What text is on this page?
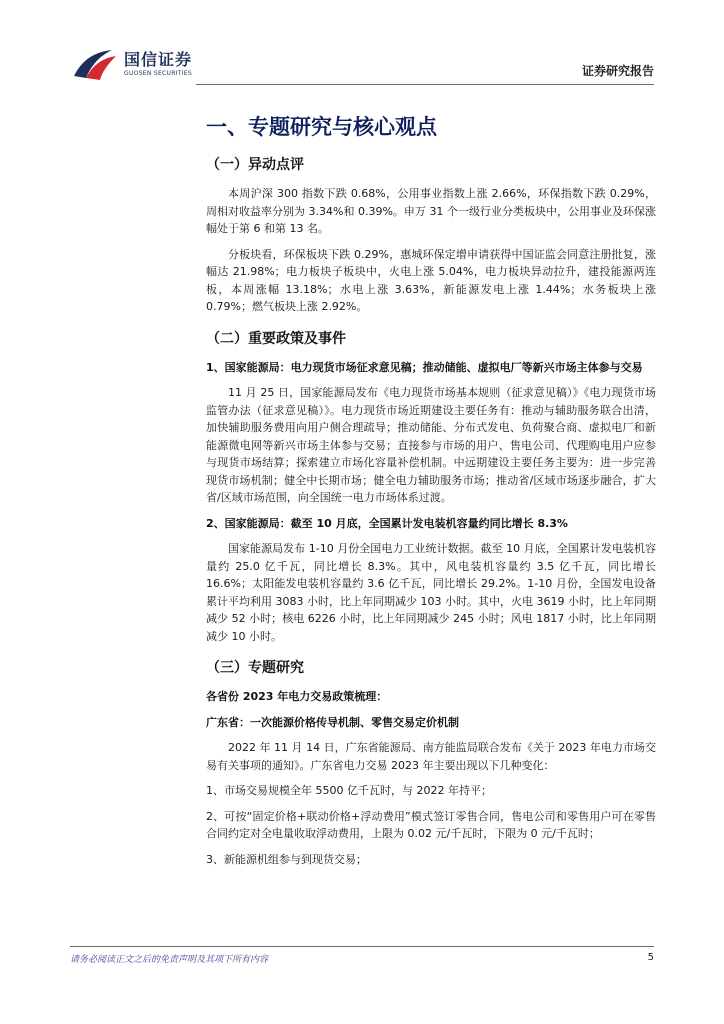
国信证券
GUOSEN SECURITIES	证券研究报告
一、专题研究与核心观点
（一）异动点评

本周沪深 300 指数下跌 0.68%，公用事业指数上涨 2.66%，环保指数下跌 0.29%，周相对收益率分别为 3.34%和 0.39%。申万 31 个一级行业分类板块中，公用事业及环保涨幅处于第 6 和第 13 名。

分板块看，环保板块下跌 0.29%，惠城环保定增申请获得中国证监会同意注册批复，涨幅达 21.98%；电力板块子板块中，火电上涨 5.04%，电力板块异动拉升，建投能源两连板，本周涨幅 13.18%；水电上涨 3.63%，新能源发电上涨 1.44%；水务板块上涨 0.79%；燃气板块上涨 2.92%。

（二）重要政策及事件
1、国家能源局：电力现货市场征求意见稿；推动储能、虚拟电厂等新兴市场主体参与交易

11 月 25 日，国家能源局发布《电力现货市场基本规则（征求意见稿）》《电力现货市场监管办法（征求意见稿）》。电力现货市场近期建设主要任务有：推动与辅助服务联合出清，加快辅助服务费用向用户侧合理疏导；推动储能、分布式发电、负荷聚合商、虚拟电厂和新能源微电网等新兴市场主体参与交易；直接参与市场的用户、售电公司、代理购电用户应参与现货市场结算；探索建立市场化容量补偿机制。中远期建设主要任务主要为：进一步完善现货市场机制；健全中长期市场；健全电力辅助服务市场；推动省/区域市场逐步融合，扩大省/区域市场范围，向全国统一电力市场体系过渡。

2、国家能源局：截至 10 月底，全国累计发电装机容量约同比增长 8.3%

国家能源局发布 1-10 月份全国电力工业统计数据。截至 10 月底，全国累计发电装机容量约 25.0 亿千瓦，同比增长 8.3%。其中，风电装机容量约 3.5 亿千瓦，同比增长 16.6%；太阳能发电装机容量约 3.6 亿千瓦，同比增长 29.2%。1-10 月份，全国发电设备累计平均利用 3083 小时，比上年同期减少 103 小时。其中，火电 3619 小时，比上年同期减少 52 小时；核电 6226 小时，比上年同期减少 245 小时；风电 1817 小时，比上年同期减少 10 小时。

（三）专题研究
各省份 2023 年电力交易政策梳理：
广东省：一次能源价格传导机制、零售交易定价机制

2022 年 11 月 14 日，广东省能源局、南方能监局联合发布《关于 2023 年电力市场交易有关事项的通知》。广东省电力交易 2023 年主要出现以下几种变化：

1、市场交易规模全年 5500 亿千瓦时，与 2022 年持平；

2、可按“固定价格+联动价格+浮动费用”模式签订零售合同，售电公司和零售用户可在零售合同约定对全电量收取浮动费用，上限为 0.02 元/千瓦时，下限为 0 元/千瓦时；

3、新能源机组参与到现货交易；

请务必阅读正文之后的免责声明及其项下所有内容	5
